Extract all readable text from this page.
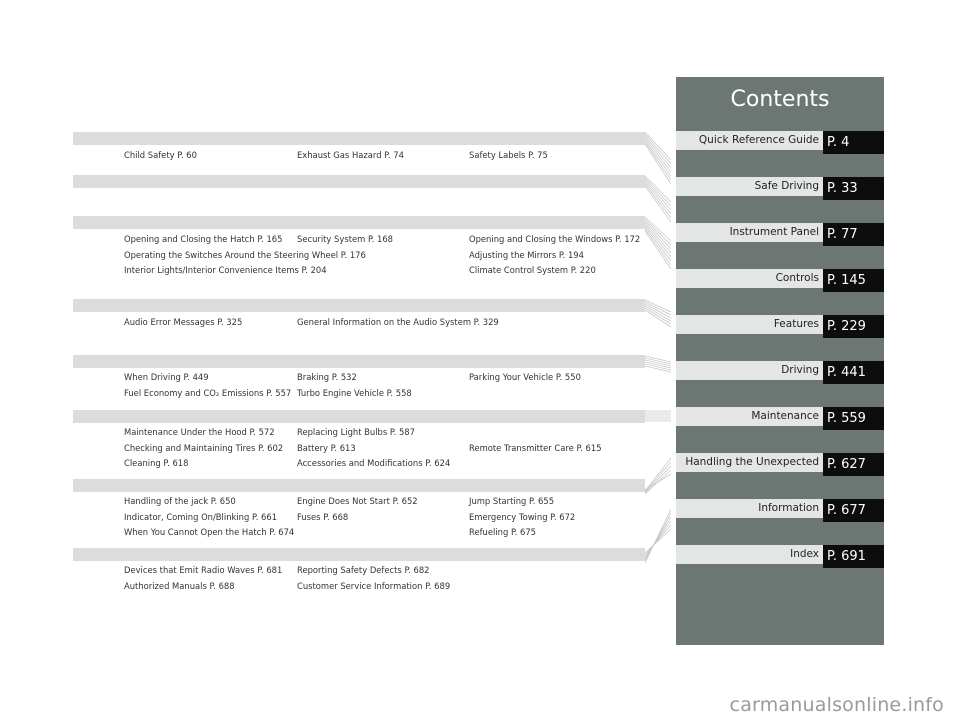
Child Safety P. 60	Exhaust Gas Hazard P. 74	Safety Labels P. 75
Opening and Closing the Hatch P. 165 Security System P. 168	Opening and Closing the Windows P. 172
Operating the Switches Around the Steering Wheel P. 176	Adjusting the Mirrors P. 194
Interior Lights/Interior Convenience Items P. 204	Climate Control System P. 220
Audio Error Messages P. 325	General Information on the Audio System P. 329
When Driving P. 449	Braking P. 532	Parking Your Vehicle P. 550
Fuel Economy and CO₂ Emissions P. 557 Turbo Engine Vehicle P. 558
Maintenance Under the Hood P. 572	Replacing Light Bulbs P. 587
Checking and Maintaining Tires P. 602 Battery P. 613	Remote Transmitter Care P. 615
Cleaning P. 618	Accessories and Modifications P. 624
Handling of the jack P. 650	Engine Does Not Start P. 652	Jump Starting P. 655
Indicator, Coming On/Blinking P. 661 Fuses P. 668	Emergency Towing P. 672
When You Cannot Open the Hatch P. 674	Refueling P. 675
Devices that Emit Radio Waves P. 681 Reporting Safety Defects P. 682
Authorized Manuals P. 688	Customer Service Information P. 689
Contents
Quick Reference Guide P. 4
Safe Driving P. 33
Instrument Panel P. 77
Controls P. 145
Features P. 229
Driving P. 441
Maintenance P. 559
Handling the Unexpected P. 627
Information P. 677
Index P. 691
carmanualsonline.info
